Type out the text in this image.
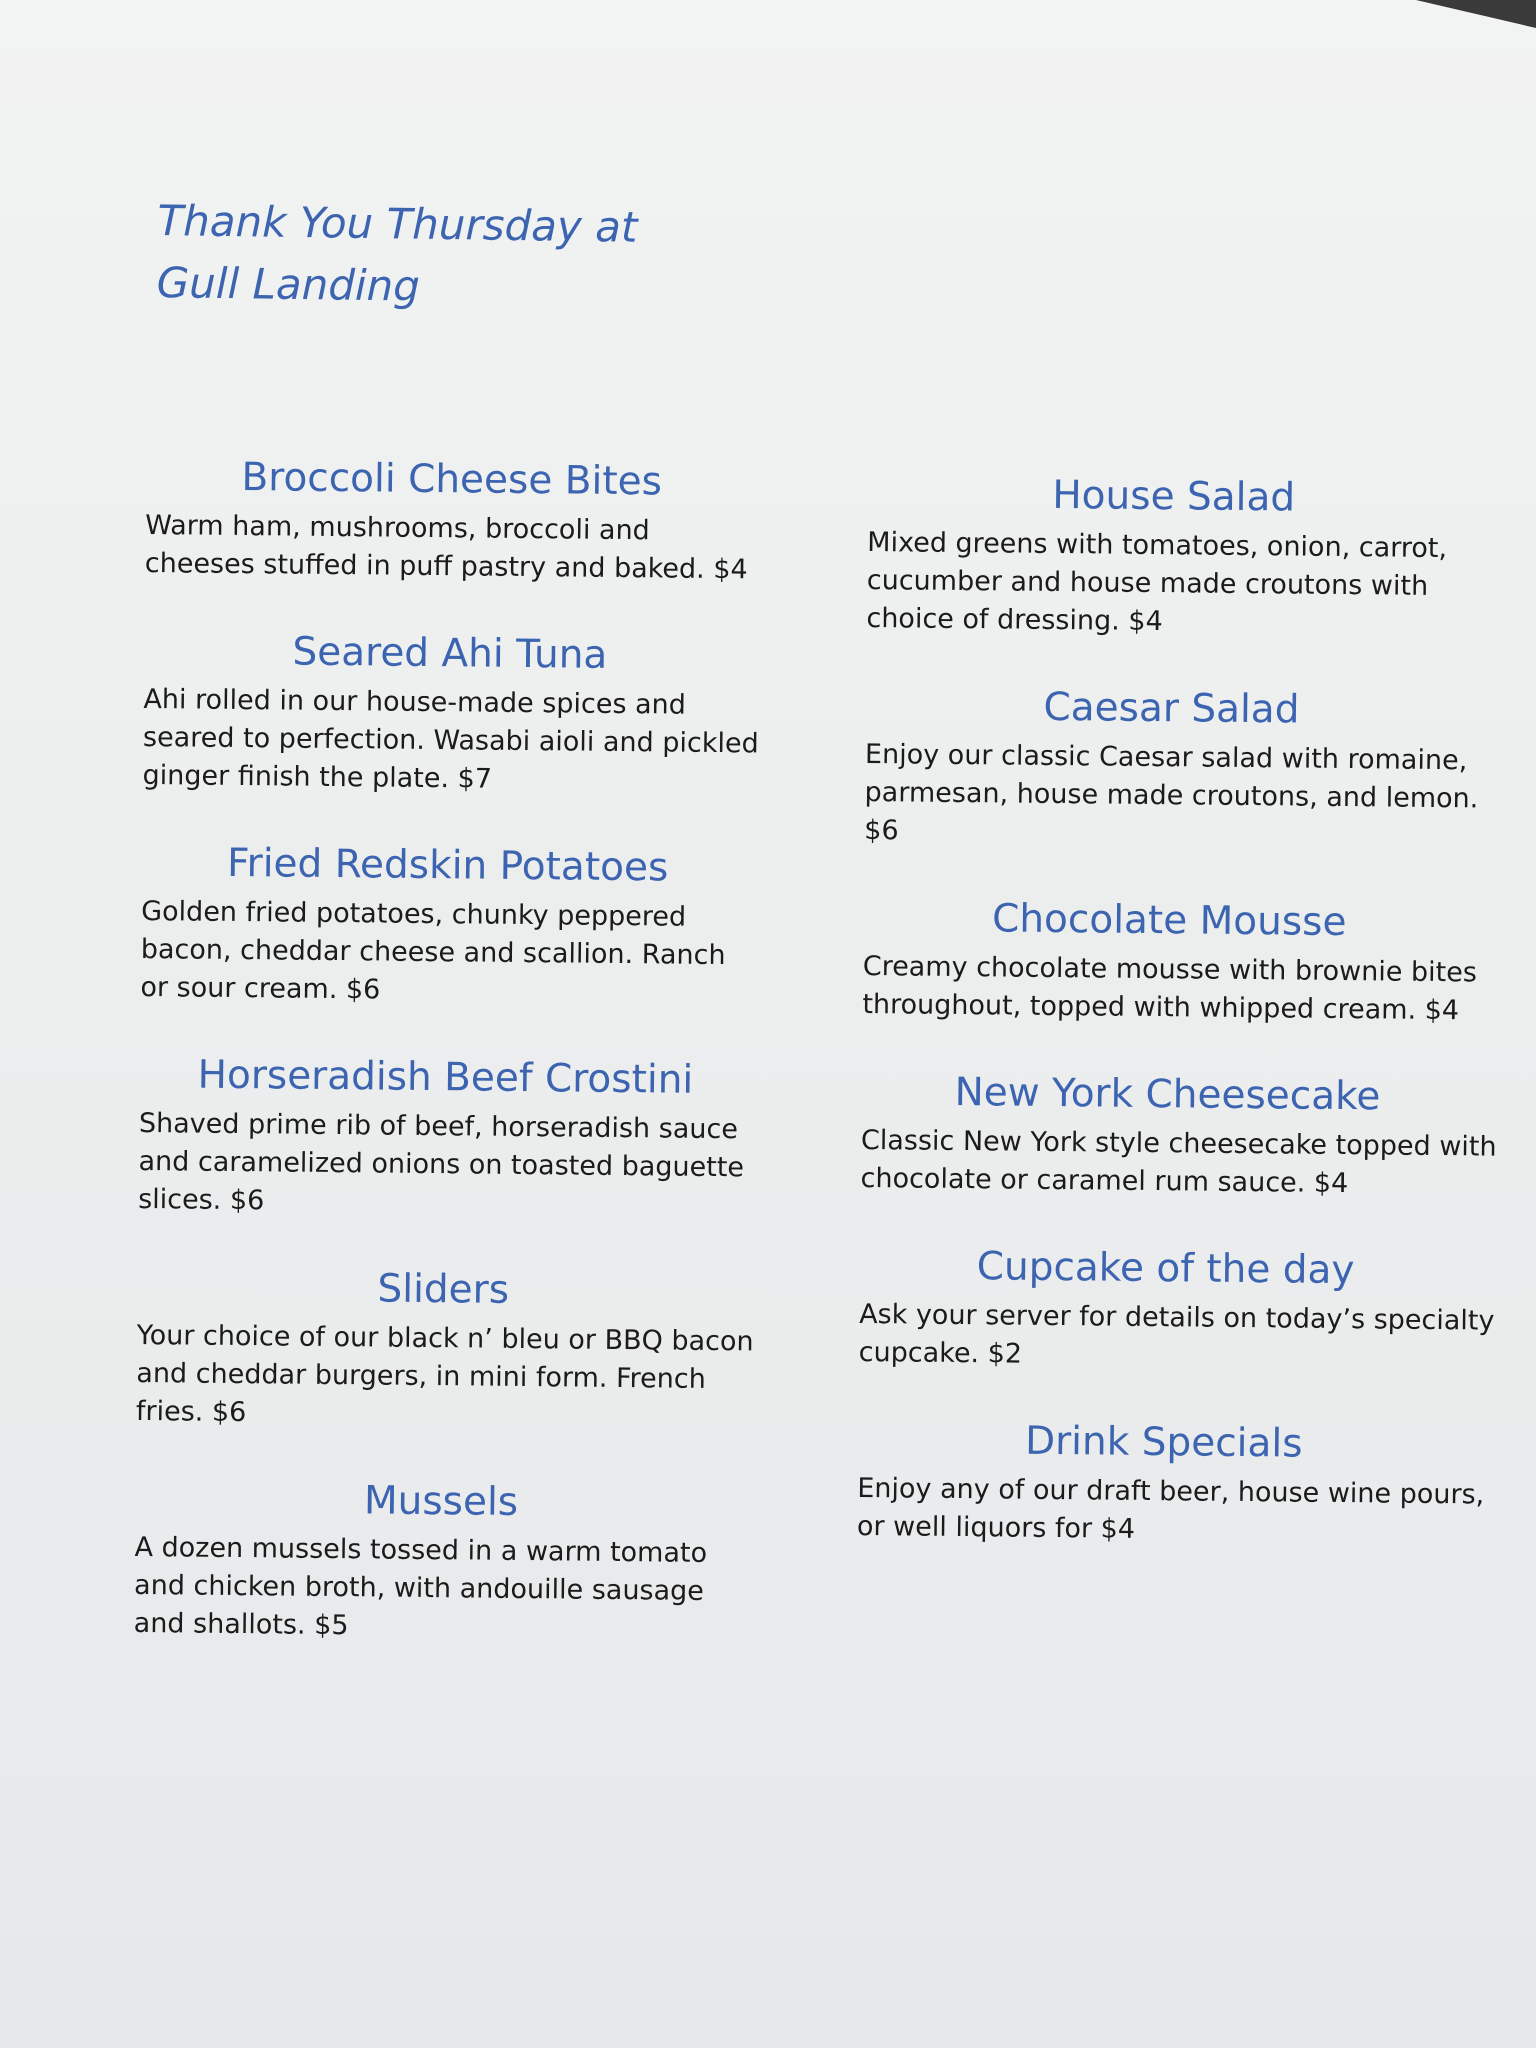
Thank You Thursday at Gull Landing
Broccoli Cheese Bites

Warm ham, mushrooms, broccoli and cheeses stuffed in puff pastry and baked. $4

Seared Ahi Tuna

Ahi rolled in our house-made spices and seared to perfection. Wasabi aioli and pickled ginger finish the plate. $7

Fried Redskin Potatoes

Golden fried potatoes, chunky peppered bacon, cheddar cheese and scallion. Ranch or sour cream. $6

Horseradish Beef Crostini

Shaved prime rib of beef, horseradish sauce and caramelized onions on toasted baguette slices. $6

Sliders

Your choice of our black n’ bleu or BBQ bacon and cheddar burgers, in mini form. French fries. $6

Mussels

A dozen mussels tossed in a warm tomato and chicken broth, with andouille sausage and shallots. $5

House Salad

Mixed greens with tomatoes, onion, carrot, cucumber and house made croutons with choice of dressing. $4

Caesar Salad

Enjoy our classic Caesar salad with romaine, parmesan, house made croutons, and lemon. $6

Chocolate Mousse

Creamy chocolate mousse with brownie bites throughout, topped with whipped cream. $4

New York Cheesecake

Classic New York style cheesecake topped with chocolate or caramel rum sauce. $4

Cupcake of the day

Ask your server for details on today’s specialty cupcake. $2

Drink Specials

Enjoy any of our draft beer, house wine pours, or well liquors for $4
